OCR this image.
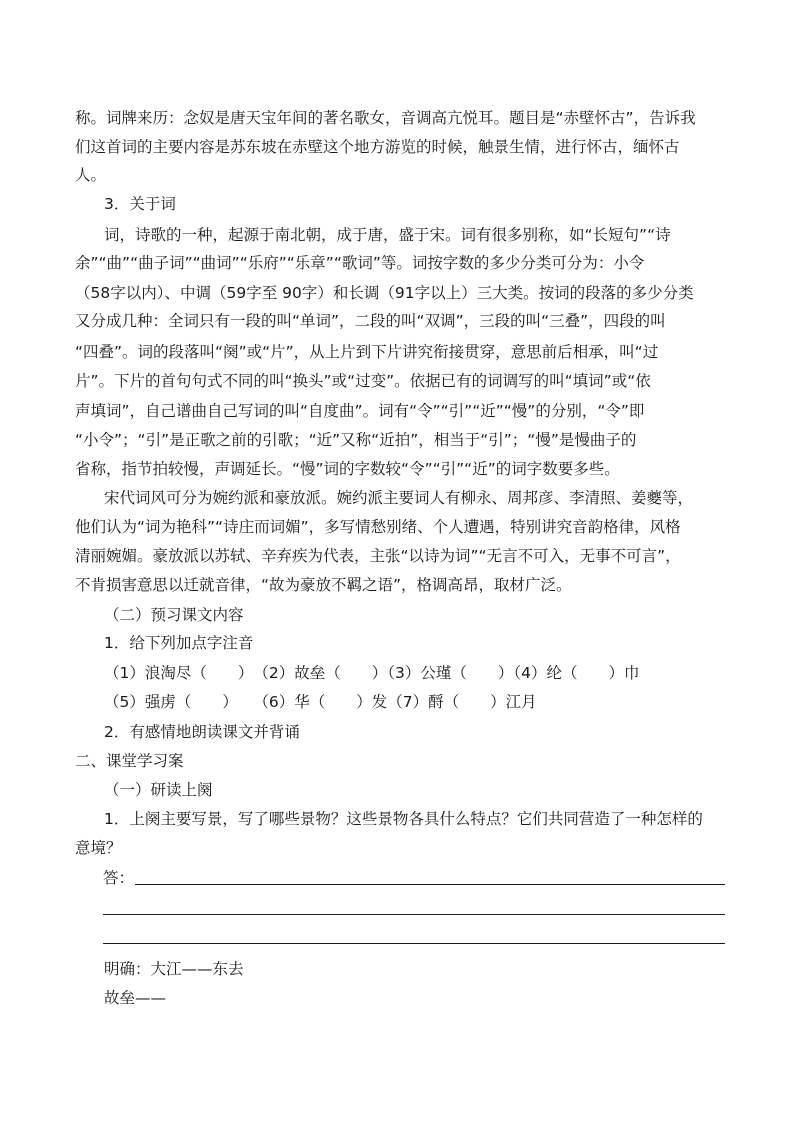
称。词牌来历：念奴是唐天宝年间的著名歌女，音调高亢悦耳。题目是“赤壁怀古”，告诉我
们这首词的主要内容是苏东坡在赤壁这个地方游览的时候，触景生情，进行怀古，缅怀古
人。
3．关于词
词，诗歌的一种，起源于南北朝，成于唐，盛于宋。词有很多别称，如“长短句”“诗
余”“曲”“曲子词”“曲词”“乐府”“乐章”“歌词”等。词按字数的多少分类可分为：小令
（58字以内）、中调（59字至 90字）和长调（91字以上）三大类。按词的段落的多少分类
又分成几种：全词只有一段的叫“单词”，二段的叫“双调”，三段的叫“三叠”，四段的叫
“四叠”。词的段落叫“阕”或“片”，从上片到下片讲究衔接贯穿，意思前后相承，叫“过
片”。下片的首句句式不同的叫“换头”或“过变”。依据已有的词调写的叫“填词”或“依
声填词”，自己谱曲自己写词的叫“自度曲”。词有“令”“引”“近”“慢”的分别，“令”即
“小令”；“引”是正歌之前的引歌；“近”又称“近拍”，相当于“引”；“慢”是慢曲子的
省称，指节拍较慢，声调延长。“慢”词的字数较“令”“引”“近”的词字数要多些。
宋代词风可分为婉约派和豪放派。婉约派主要词人有柳永、周邦彦、李清照、姜夔等，
他们认为“词为艳科”“诗庄而词媚”，多写情愁别绪、个人遭遇，特别讲究音韵格律，风格
清丽婉媚。豪放派以苏轼、辛弃疾为代表，主张“以诗为词”“无言不可入，无事不可言”，
不肯损害意思以迁就音律，“故为豪放不羁之语”，格调高昂，取材广泛。
（二）预习课文内容
1．给下列加点字注音
（1）浪淘尽（　　）　（2）故垒（　　）（3）公瑾（　　）（4）纶（　　）巾
（5）强虏（　　）　　（6）华（　　）发（7）酹（　　）江月
2．有感情地朗读课文并背诵
二、课堂学习案
（一）研读上阕
1．上阕主要写景，写了哪些景物？这些景物各具什么特点？它们共同营造了一种怎样的
意境？
答：
明确：大江——东去
故垒——
